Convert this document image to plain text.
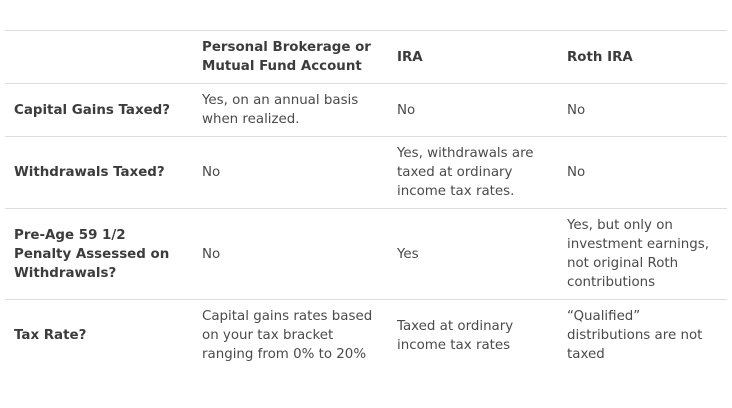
	Personal Brokerage or Mutual Fund Account	IRA	Roth IRA
Capital Gains Taxed?	Yes, on an annual basis when realized.	No	No
Withdrawals Taxed?	No	Yes, withdrawals are taxed at ordinary income tax rates.	No
Pre-Age 59 1/2 Penalty Assessed on Withdrawals?	No	Yes	Yes, but only on investment earnings, not original Roth contributions
Tax Rate?	Capital gains rates based on your tax bracket ranging from 0% to 20%	Taxed at ordinary income tax rates	“Qualified” distributions are not taxed
